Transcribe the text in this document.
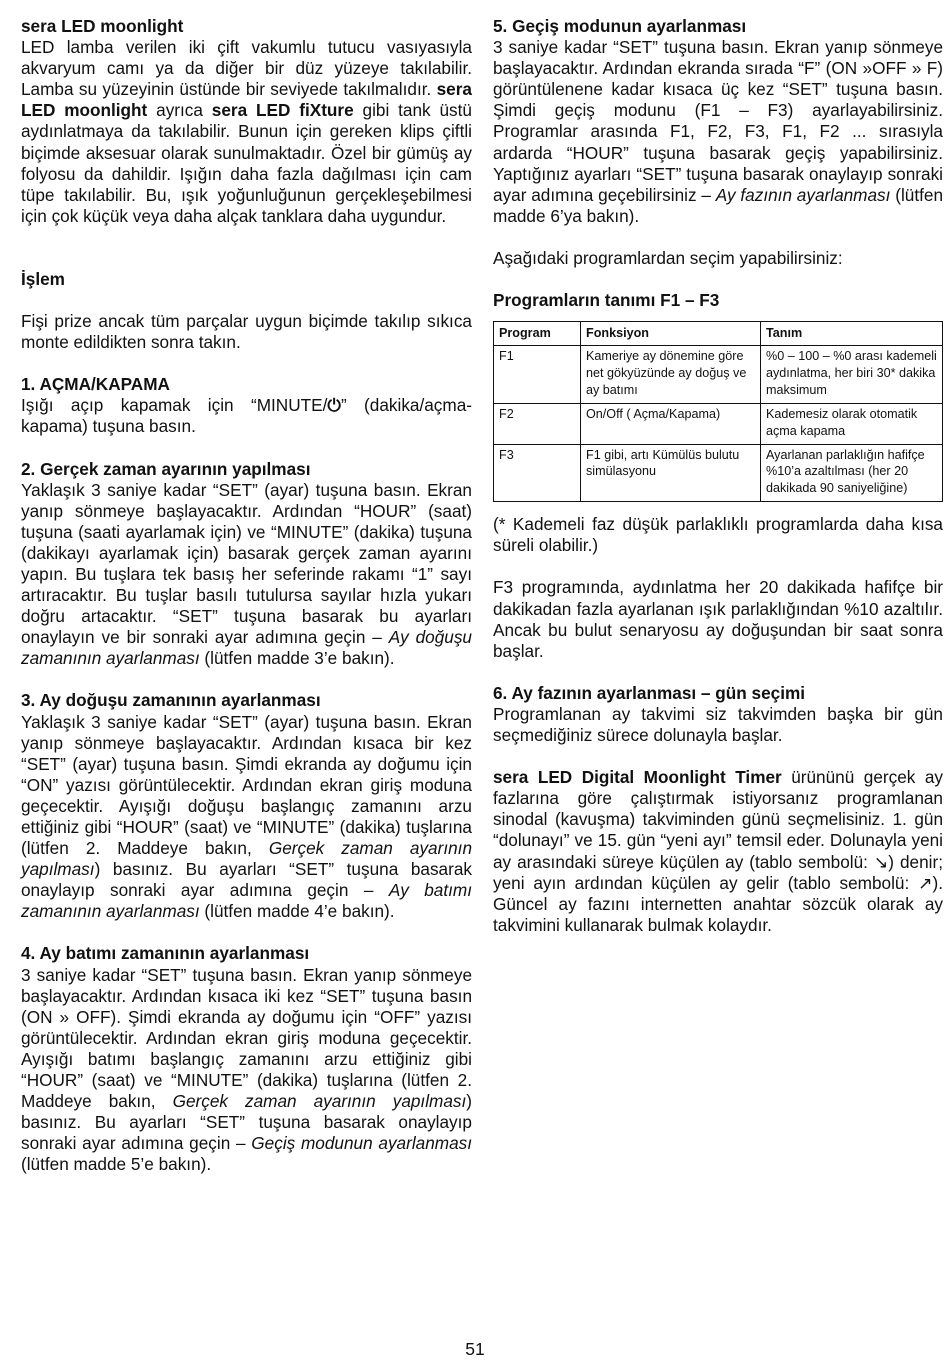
sera LED moonlight

LED lamba verilen iki çift vakumlu tutucu vasıyasıyla akvaryum camı ya da diğer bir düz yüzeye takılabilir. Lamba su yüzeyinin üstünde bir seviyede takılmalıdır. sera LED moonlight ayrıca sera LED fiXture gibi tank üstü aydınlatmaya da takılabilir. Bunun için gereken klips çiftli biçimde aksesuar olarak sunulmaktadır. Özel bir gümüş ay folyosu da dahildir. Işığın daha fazla dağılması için cam tüpe takılabilir. Bu, ışık yoğunluğunun gerçekleşebilmesi için çok küçük veya daha alçak tanklara daha uygundur.

İşlem

Fişi prize ancak tüm parçalar uygun biçimde takılıp sıkıca monte edildikten sonra takın.

1. AÇMA/KAPAMA

Işığı açıp kapamak için “MINUTE/⏻” (dakika/açma-kapama) tuşuna basın.

2. Gerçek zaman ayarının yapılması

Yaklaşık 3 saniye kadar “SET” (ayar) tuşuna basın. Ekran yanıp sönmeye başlayacaktır. Ardından “HOUR” (saat) tuşuna (saati ayarlamak için) ve “MINUTE” (dakika) tuşuna (dakikayı ayarlamak için) basarak gerçek zaman ayarını yapın. Bu tuşlara tek basış her seferinde rakamı “1” sayı artıracaktır. Bu tuşlar basılı tutulursa sayılar hızla yukarı doğru artacaktır. “SET” tuşuna basarak bu ayarları onaylayın ve bir sonraki ayar adımına geçin – Ay doğuşu zamanının ayarlanması (lütfen madde 3’e bakın).

3. Ay doğuşu zamanının ayarlanması

Yaklaşık 3 saniye kadar “SET” (ayar) tuşuna basın. Ekran yanıp sönmeye başlayacaktır. Ardından kısaca bir kez “SET” (ayar) tuşuna basın. Şimdi ekranda ay doğumu için “ON” yazısı görüntülecektir. Ardından ekran giriş moduna geçecektir. Ayışığı doğuşu başlangıç zamanını arzu ettiğiniz gibi “HOUR” (saat) ve “MINUTE” (dakika) tuşlarına (lütfen 2. Maddeye bakın, Gerçek zaman ayarının yapılması) basınız. Bu ayarları “SET” tuşuna basarak onaylayıp sonraki ayar adımına geçin – Ay batımı zamanının ayarlanması (lütfen madde 4’e bakın).

4. Ay batımı zamanının ayarlanması

3 saniye kadar “SET” tuşuna basın. Ekran yanıp sönmeye başlayacaktır. Ardından kısaca iki kez “SET” tuşuna basın (ON » OFF). Şimdi ekranda ay doğumu için “OFF” yazısı görüntülecektir. Ardından ekran giriş moduna geçecektir. Ayışığı batımı başlangıç zamanını arzu ettiğiniz gibi “HOUR” (saat) ve “MINUTE” (dakika) tuşlarına (lütfen 2. Maddeye bakın, Gerçek zaman ayarının yapılması) basınız. Bu ayarları “SET” tuşuna basarak onaylayıp sonraki ayar adımına geçin – Geçiş modunun ayarlanması (lütfen madde 5’e bakın).

5. Geçiş modunun ayarlanması

3 saniye kadar “SET” tuşuna basın. Ekran yanıp sönmeye başlayacaktır. Ardından ekranda sırada “F” (ON »OFF » F) görüntülenene kadar kısaca üç kez “SET” tuşuna basın. Şimdi geçiş modunu (F1 – F3) ayarlayabilirsiniz. Programlar arasında F1, F2, F3, F1, F2 ... sırasıyla ardarda “HOUR” tuşuna basarak geçiş yapabilirsiniz. Yaptığınız ayarları “SET” tuşuna basarak onaylayıp sonraki ayar adımına geçebilirsiniz – Ay fazının ayarlanması (lütfen madde 6’ya bakın).

Aşağıdaki programlardan seçim yapabilirsiniz:

Programların tanımı F1 – F3
Program	Fonksiyon	Tanım
F1	Kameriye ay dönemine göre net gökyüzünde ay doğuş ve ay batımı	%0 – 100 – %0 arası kademeli aydınlatma, her biri 30* dakika maksimum
F2	On/Off ( Açma/Kapama)	Kademesiz olarak otomatik açma kapama
F3	F1 gibi, artı Kümülüs bulutu simülasyonu	Ayarlanan parlaklığın hafifçe %10’a azaltılması (her 20 dakikada 90 saniyeliğine)

(* Kademeli faz düşük parlaklıklı programlarda daha kısa süreli olabilir.)

F3 programında, aydınlatma her 20 dakikada hafifçe bir dakikadan fazla ayarlanan ışık parlaklığından %10 azaltılır. Ancak bu bulut senaryosu ay doğuşundan bir saat sonra başlar.

6. Ay fazının ayarlanması – gün seçimi

Programlanan ay takvimi siz takvimden başka bir gün seçmediğiniz sürece dolunayla başlar.

sera LED Digital Moonlight Timer ürününü gerçek ay fazlarına göre çalıştırmak istiyorsanız programlanan sinodal (kavuşma) takviminden günü seçmelisiniz. 1. gün “dolunayı” ve 15. gün “yeni ayı” temsil eder. Dolunayla yeni ay arasındaki süreye küçülen ay (tablo sembolü: ↘) denir; yeni ayın ardından küçülen ay gelir (tablo sembolü: ↗). Güncel ay fazını internetten anahtar sözcük olarak ay takvimini kullanarak bulmak kolaydır.

51
